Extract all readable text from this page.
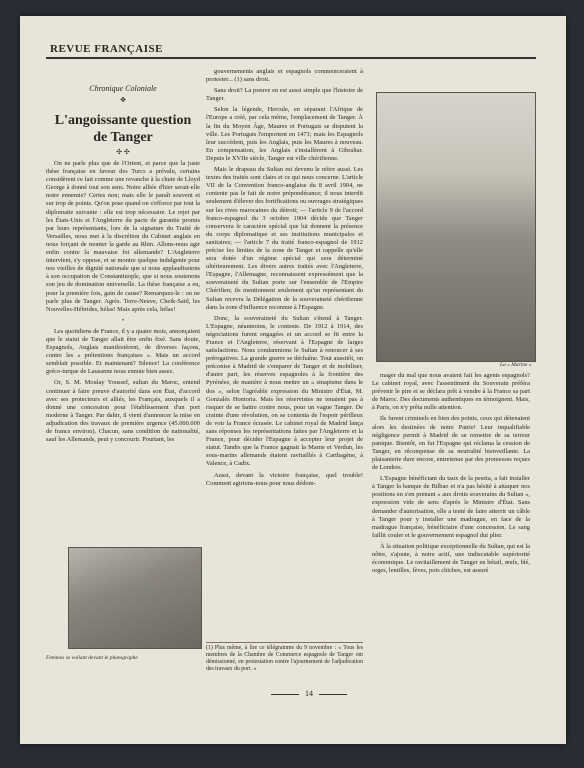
REVUE FRANÇAISE
Chronique Coloniale
✥
L'angoissante question de Tanger
✣ ✣

On ne parle plus que de l'Orient, et parce que la juste thèse française en faveur des Turcs a prévalu, certains considèrent ce fait comme une revanche à la chute de Lloyd George à donné tout son sens. Notre alliée d'hier serait-elle notre ennemie? Certes non; mais elle le paraît souvent et sur trop de points. Qu'on pose quand on s'efforce par tout la diplomatie suivante : elle est trop nécessaire. Le rejet par les États-Unis et l'Angleterre du pacte de garantie promis par leurs représentants, lors de la signature du Traité de Versailles, nous met à la discrétion du Cabinet anglais en nous forçant de monter la garde au Rhin. Allons-nous agir enfin contre la mauvaise foi allemande? L'Angleterre intervient, s'y oppose, et se montre quelque indulgente pour nos vieilles de dignité nationale que si nous applaudissions à son occupation de Constantinople, que si nous soutenons son jeu de domination universelle. La thèse française a eu, pour la première fois, gain de cause? Remarquez-le : on ne parle plus de Tanger. Agrès. Terre-Neuve, Cheik-Saïd, les Nouvelles-Hébrides, hélas! Mais après cela, hélas!

•

Les quotidiens de France, il y a quatre mois, annonçaient que le statut de Tanger allait être enfin fixé. Sans doute, Espagnols, Anglais manifestèrent, de diverses façons, contre les « prétentions françaises ». Mais un accord semblait possible. Et maintenant? Silence! La conférence gréco-turque de Lausanne nous ennuie bien assez.

Or, S. M. Moulay Youssef, sultan du Maroc, entend continuer à faire preuve d'autorité dans son État, d'accord avec ses protecteurs et alliés, les Français, auxquels il a donné une concession pour l'établissement d'un port moderne à Tanger. Par dahir, il vient d'annoncer la mise en adjudication des travaux de première urgence (45.000.000 de francs environ). Chacun, sans condition de nationalité, sauf les Allemands, peut y concourir. Pourtant, les

Femmes se voilant devant le photographe

gouvernements anglais et espagnols commenceraient à protester... (1) sans droit.

Sans droit? La preuve en est aussi simple que l'histoire de Tanger.

Selon la légende, Hercule, en séparant l'Afrique de l'Europe a créé, par cela même, l'emplacement de Tanger. À la fin du Moyen Âge, Maures et Portugais se disputent la ville. Les Portugais l'emportent en 1471; mais les Espagnols leur succèdent, puis les Anglais, puis les Maures à nouveau. En compensation, les Anglais s'installèrent à Gibraltar. Depuis le XVIIe siècle, Tanger est ville chérifienne.

Mais le drapeau du Sultan est devenu le nôtre aussi. Les textes des traités sont clairs et ce qui nous concerne. L'article VII de la Convention franco-anglaise du 8 avril 1904, ne contente pas le fait de notre prépondérance; il nous interdit seulement d'élever des fortifications ou ouvrages stratégiques sur les rives marocaines du détroit; — l'article 9 de l'accord franco-espagnol du 3 octobre 1904 décide que Tanger conservera le caractère spécial que lui donnent la présence du corps diplomatique et ses institutions municipales et sanitaires; — l'article 7 du traité franco-espagnol de 1912 précise les limites de la zone de Tanger et rappelle qu'elle sera dotée d'un régime spécial qui sera déterminé ultérieurement. Les divers autres traités avec l'Angleterre, l'Espagne, l'Allemagne, reconnaissent expressément que la souveraineté du Sultan porte sur l'ensemble de l'Empire Chérifien; ils mentionnent seulement qu'un représentant du Sultan recevra la Délégation de la souveraineté chérifienne dans la zone d'influence reconnue à l'Espagne.

Donc, la souveraineté du Sultan s'étend à Tanger. L'Espagne, néanmoins, le conteste. De 1912 à 1914, des négociations furent engagées et un accord se fit entre la France et l'Angleterre, réservant à l'Espagne de larges satisfactions. Nous condamnions le Sultan à renoncer à ses prérogatives. La grande guerre se déchaîne. Tout aussitôt, on préconise à Madrid de s'emparer de Tanger et de mobiliser, d'autre part, les réserves espagnoles à la frontière des Pyrénées, de manière à nous mettre un « sinapisme dans le dos », selon l'agréable expression du Ministre d'État, M. Gonzalès Hontoria. Mais les réservistes ne tenaient pas à risquer de se battre contre nous, pour un vague Tanger. De crainte d'une révolution, on se contenta de l'espoir périlleux de voir la France écrasée. Le cabinet royal de Madrid lança sans réponses les représentations faites par l'Angleterre et la France, pour décider l'Espagne à accepter leur projet de statut. Tandis que la France gagnait la Marne et Verdun, les sous-marins allemands étaient ravitaillés à Carthagène, à Valence, à Cadix.

Aussi, devant la victoire française, quel trouble! Comment agirions-nous pour nous dédom-

(1) Plus même, à lire ce télégramme du 9 novembre : « Tous les membres de la Chambre de Commerce espagnole de Tanger ont démissionné, en protestation contre l'ajournement de l'adjudication des travaux du port. »
La « Marine »

mager du mal que nous avaient fait les agents espagnols? Le cabinet royal, avec l'assentiment du Souverain préféra prévenir le pire et se déclara prêt à vendre à la France sa part de Maroc. Des documents authentiques en témoignent. Mais, à Paris, on n'y prêta nulle attention.

Ils furent criminels en bien des points, ceux qui détenaient alors les destinées de notre Patrie! Leur inqualifiable négligence permit à Madrid de se remettre de sa terreur panique. Bientôt, on fut l'Espagne qui réclama la cession de Tanger, en récompense de sa neutralité bienveillante. La plaisanterie dure encore, entretenue par des promesses reçues de Londres.

L'Espagne bénéficiant du taux de la peseta, a fait installer à Tanger la banque de Bilbao et n'a pas hésité à attaquer nos positions en s'en prenant « aux droits souverains du Sultan », expression vide de sens d'après le Ministre d'État. Sans demander d'autorisation, elle a tenté de faire atterrir un câble à Tanger pour y installer une madrague, en face de la madrague française, bénéficiaire d'une concession. Le sang faillit couler et le gouvernement espagnol dut plier.

À la situation politique exceptionnelle du Sultan, qui est la nôtre, s'ajoute, à notre actif, une indiscutable supériorité économique. Le ravitaillement de Tanger en bétail, œufs, blé, orges, lentilles, fèves, pois chiches, est assuré

14
